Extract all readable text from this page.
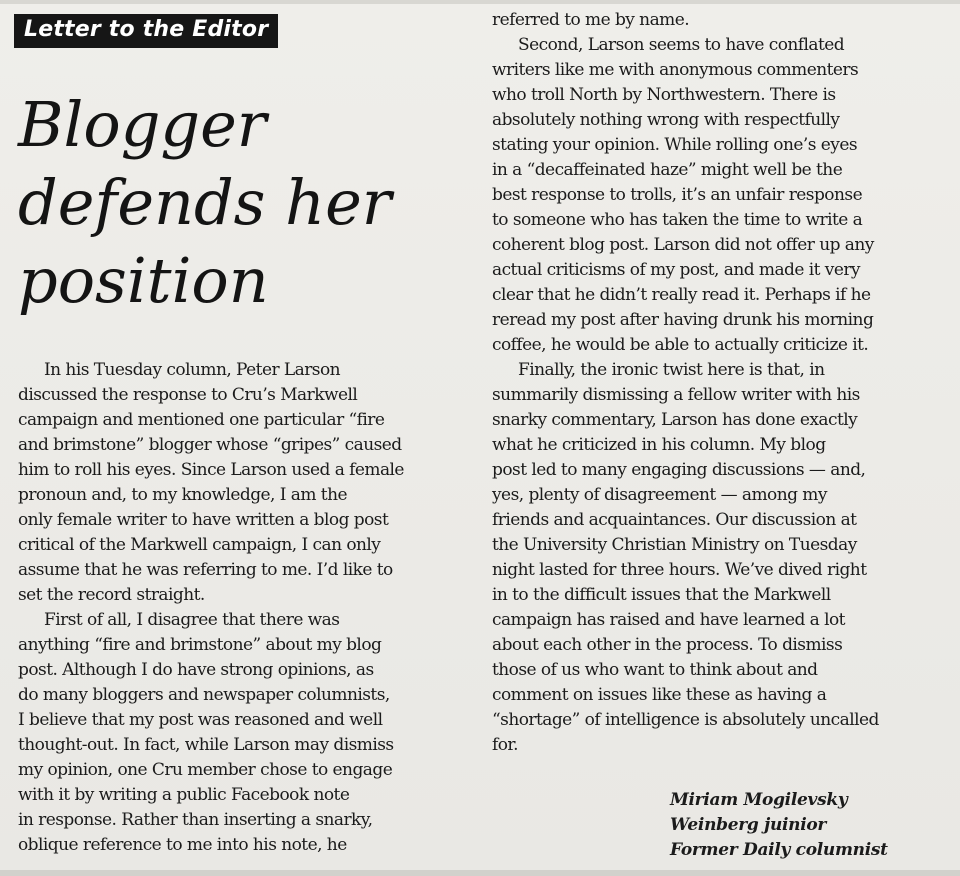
Letter to the Editor
Blogger
defends her
position

In his Tuesday column, Peter Larson
discussed the response to Cru’s Markwell
campaign and mentioned one particular “fire
and brimstone” blogger whose “gripes” caused
him to roll his eyes. Since Larson used a female
pronoun and, to my knowledge, I am the
only female writer to have written a blog post
critical of the Markwell campaign, I can only
assume that he was referring to me. I’d like to
set the record straight.

First of all, I disagree that there was
anything “fire and brimstone” about my blog
post. Although I do have strong opinions, as
do many bloggers and newspaper columnists,
I believe that my post was reasoned and well
thought-out. In fact, while Larson may dismiss
my opinion, one Cru member chose to engage
with it by writing a public Facebook note
in response. Rather than inserting a snarky,
oblique reference to me into his note, he

referred to me by name.

Second, Larson seems to have conflated
writers like me with anonymous commenters
who troll North by Northwestern. There is
absolutely nothing wrong with respectfully
stating your opinion. While rolling one’s eyes
in a “decaffeinated haze” might well be the
best response to trolls, it’s an unfair response
to someone who has taken the time to write a
coherent blog post. Larson did not offer up any
actual criticisms of my post, and made it very
clear that he didn’t really read it. Perhaps if he
reread my post after having drunk his morning
coffee, he would be able to actually criticize it.

Finally, the ironic twist here is that, in
summarily dismissing a fellow writer with his
snarky commentary, Larson has done exactly
what he criticized in his column. My blog
post led to many engaging discussions — and,
yes, plenty of disagreement — among my
friends and acquaintances. Our discussion at
the University Christian Ministry on Tuesday
night lasted for three hours. We’ve dived right
in to the difficult issues that the Markwell
campaign has raised and have learned a lot
about each other in the process. To dismiss
those of us who want to think about and
comment on issues like these as having a
“shortage” of intelligence is absolutely uncalled
for.

Miriam Mogilevsky
Weinberg juinior
Former Daily columnist
